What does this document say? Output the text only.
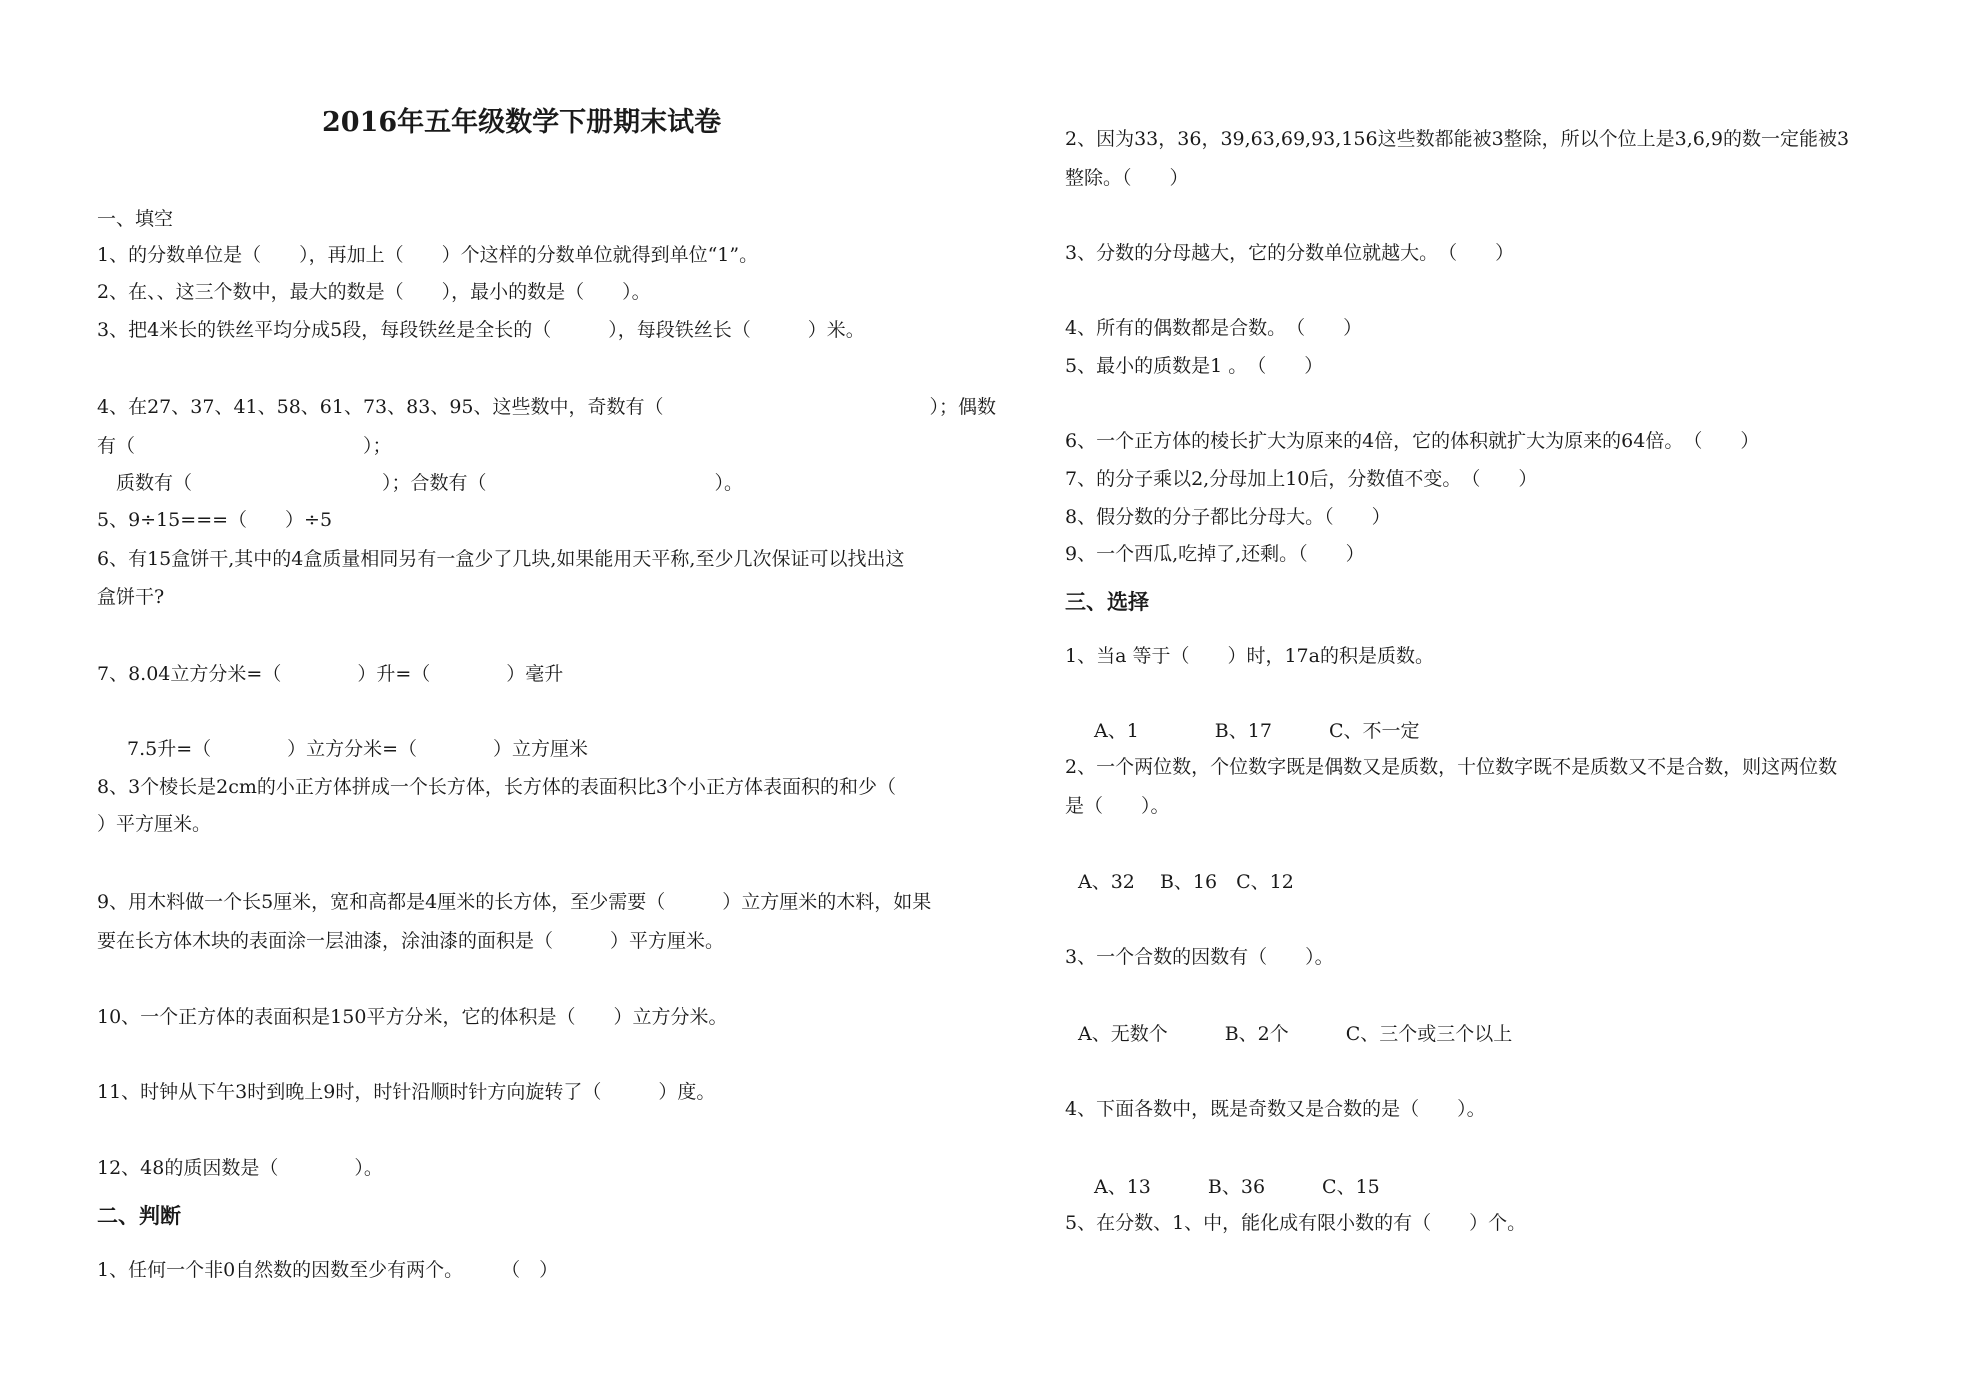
2016年五年级数学下册期末试卷
一、填空
1、的分数单位是（　　），再加上（　　）个这样的分数单位就得到单位“1”。
2、在、、这三个数中，最大的数是（　　），最小的数是（　　）。
3、把4米长的铁丝平均分成5段，每段铁丝是全长的（　　　），每段铁丝长（　　　）米。
4、在27、37、41、58、61、73、83、95、这些数中，奇数有（　　　　　　　　　　　　　　）；偶数
有（　　　　　　　　　　　　）；
质数有（　　　　　　　　　　）；合数有（　　　　　　　　　　　　）。
5、9÷15===（　　）÷5
6、有15盒饼干,其中的4盒质量相同另有一盒少了几块,如果能用天平称,至少几次保证可以找出这
盒饼干?
7、8.04立方分米=（　　　　）升=（　　　　）毫升
7.5升=（　　　　）立方分米=（　　　　）立方厘米
8、3个棱长是2cm的小正方体拼成一个长方体，长方体的表面积比3个小正方体表面积的和少（
）平方厘米。
9、用木料做一个长5厘米，宽和高都是4厘米的长方体，至少需要（　　　）立方厘米的木料，如果
要在长方体木块的表面涂一层油漆，涂油漆的面积是（　　　）平方厘米。
10、一个正方体的表面积是150平方分米，它的体积是（　　）立方分米。
11、时钟从下午3时到晚上9时，时针沿顺时针方向旋转了（　　　）度。
12、48的质因数是（　　　　）。
二、判断
1、任何一个非0自然数的因数至少有两个。　　　（　）
2、因为33，36，39,63,69,93,156这些数都能被3整除，所以个位上是3,6,9的数一定能被3
整除。（　　）
3、分数的分母越大，它的分数单位就越大。　（　　）
4、所有的偶数都是合数。　（　　）
5、最小的质数是1 。　（　　）
6、一个正方体的棱长扩大为原来的4倍，它的体积就扩大为原来的64倍。　（　　）
7、的分子乘以2,分母加上10后，分数值不变。　（　　）
8、假分数的分子都比分母大。（　　）
9、一个西瓜,吃掉了,还剩。（　　）
三、选择
1、当a 等于（　　）时，17a的积是质数。
A、1　　　　B、17　　　C、不一定
2、一个两位数，个位数字既是偶数又是质数，十位数字既不是质数又不是合数，则这两位数
是（　　）。
A、32　 B、16　C、12
3、一个合数的因数有（　　）。
A、无数个　　　B、2个　　　C、三个或三个以上
4、下面各数中，既是奇数又是合数的是（　　）。
A、13　　　B、36　　　C、15
5、在分数、1、中，能化成有限小数的有（　　）个。
